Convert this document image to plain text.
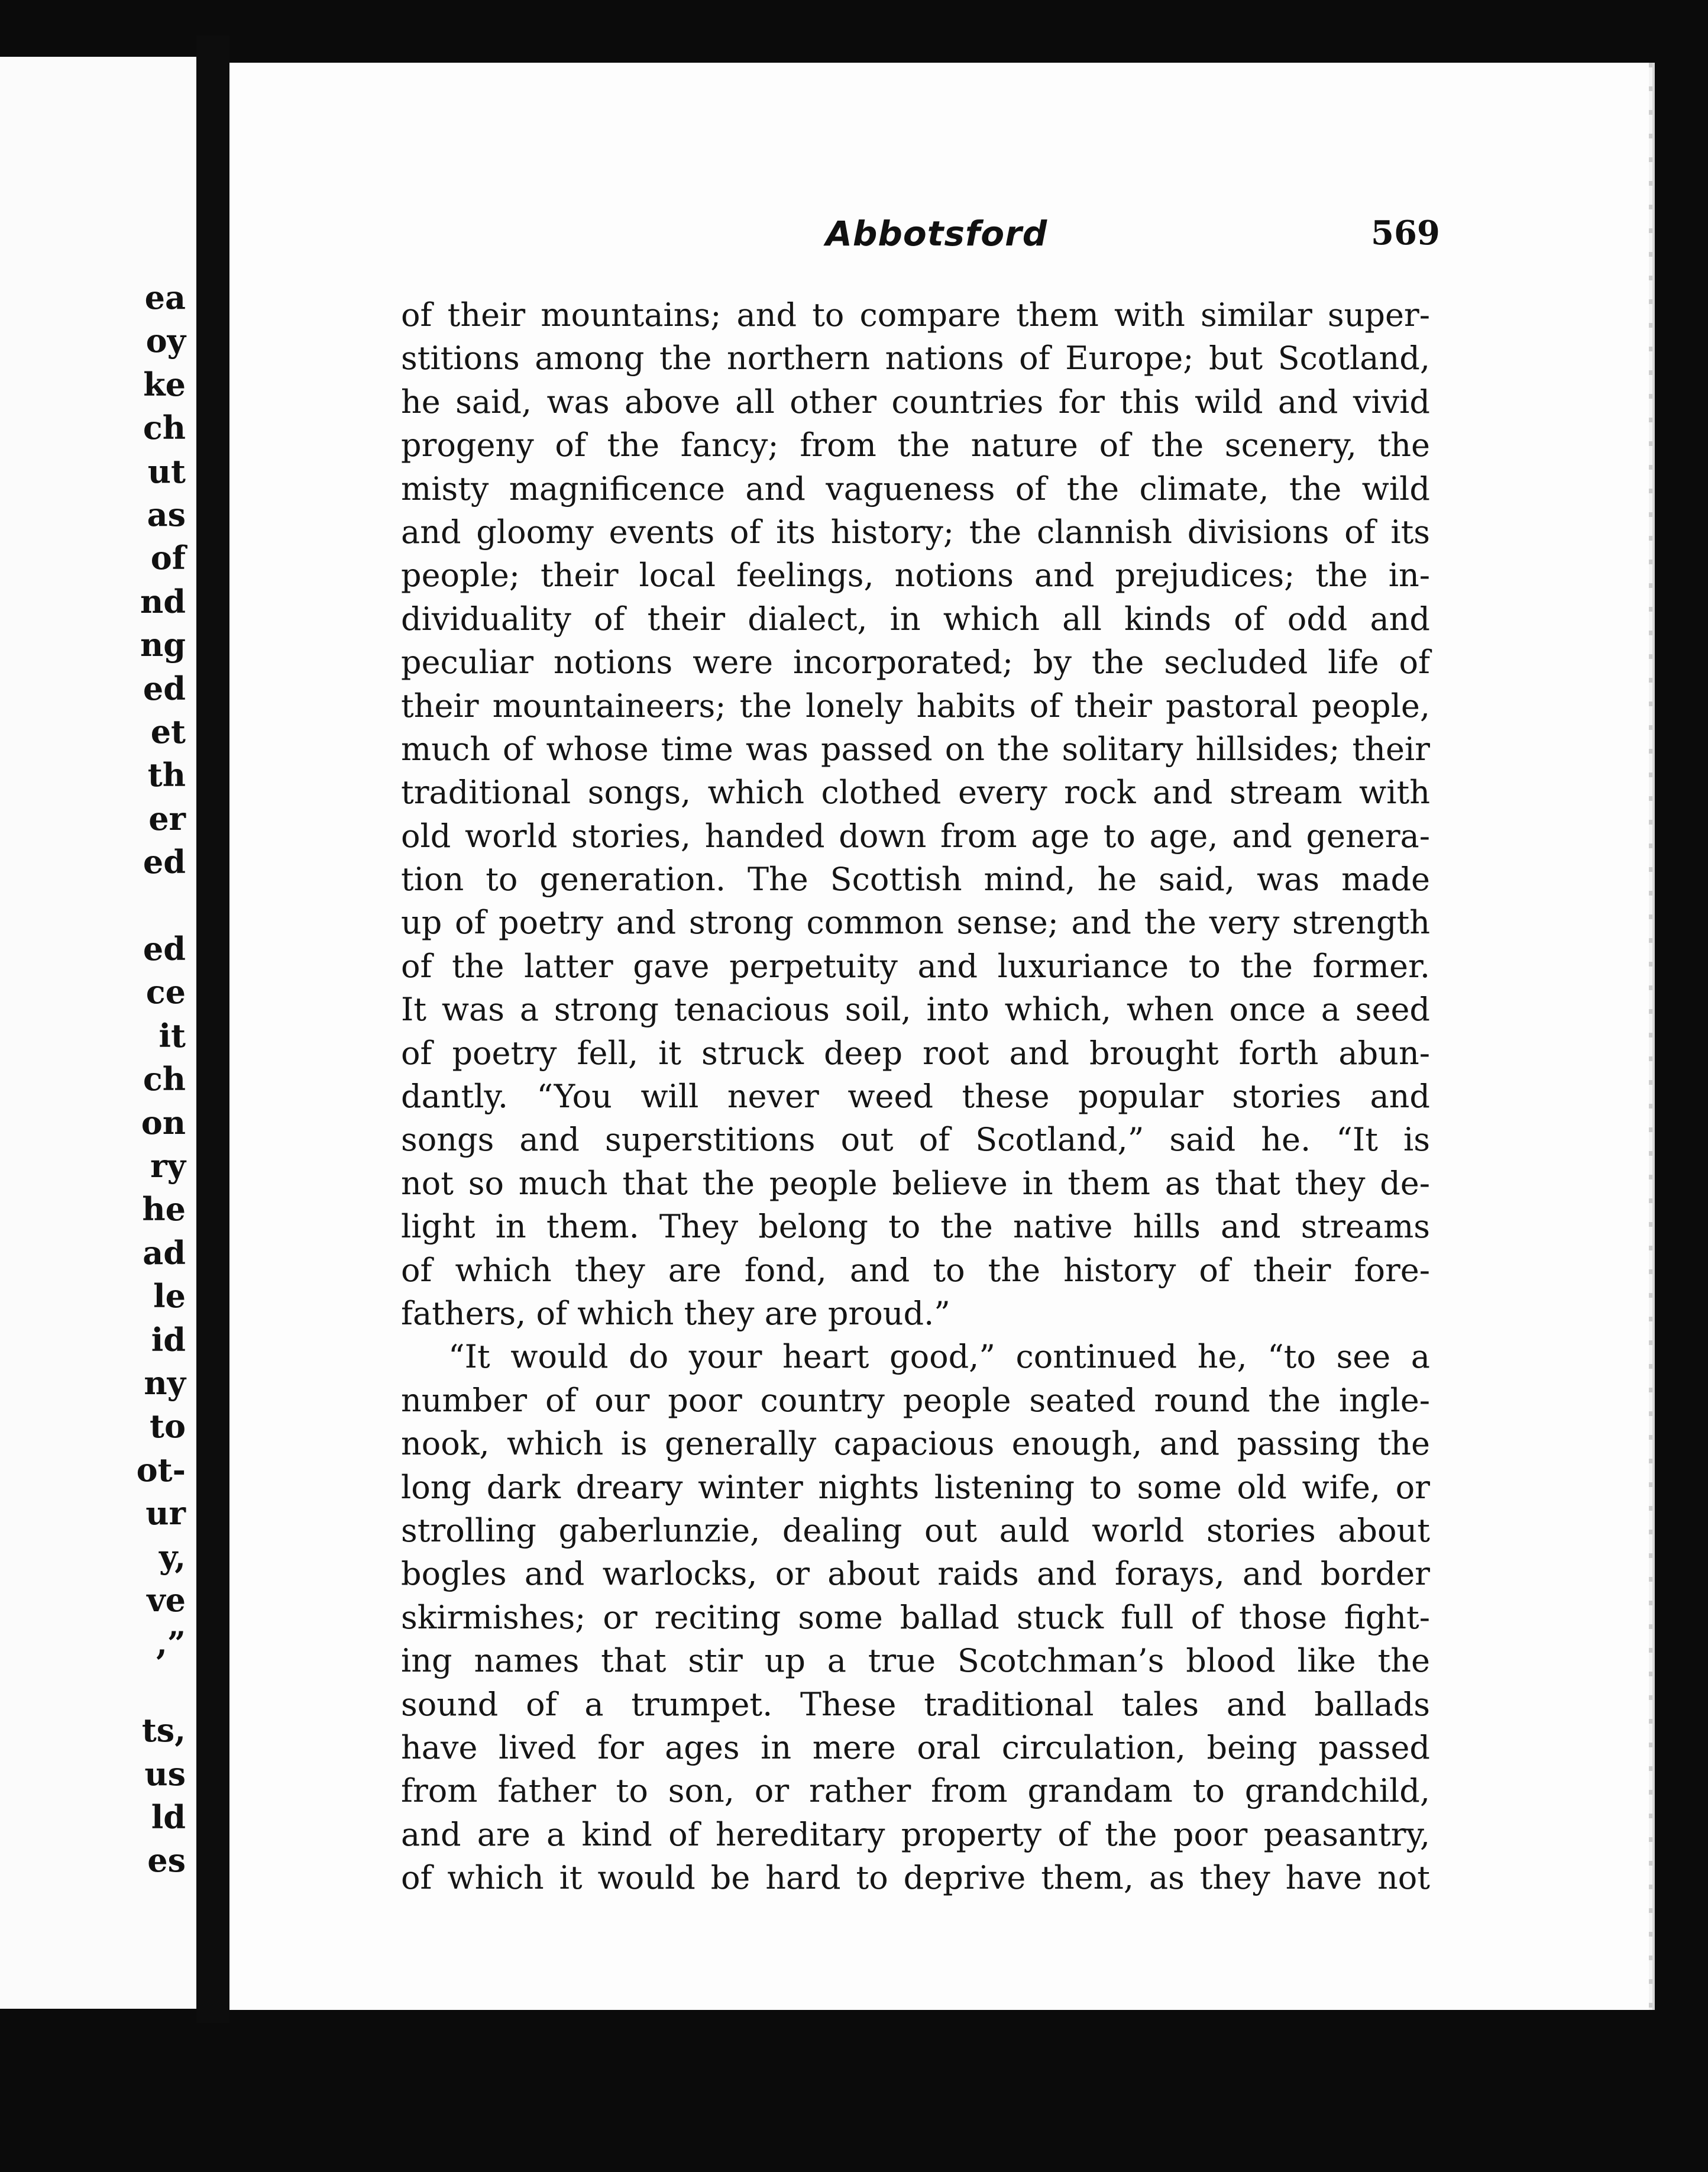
ea
oy
ke
ch
ut
as
of
nd
ng
ed
et
th
er
ed
ed
ce
it
ch
on
ry
he
ad
le
id
ny
to
ot-
ur
y,
ve
,”
ts,
us
ld
es
Abbotsford	569
of their mountains; and to compare them with similar super-
stitions among the northern nations of Europe; but Scotland,
he said, was above all other countries for this wild and vivid
progeny of the fancy; from the nature of the scenery, the
misty magnificence and vagueness of the climate, the wild
and gloomy events of its history; the clannish divisions of its
people; their local feelings, notions and prejudices; the in-
dividuality of their dialect, in which all kinds of odd and
peculiar notions were incorporated; by the secluded life of
their mountaineers; the lonely habits of their pastoral people,
much of whose time was passed on the solitary hillsides; their
traditional songs, which clothed every rock and stream with
old world stories, handed down from age to age, and genera-
tion to generation. The Scottish mind, he said, was made
up of poetry and strong common sense; and the very strength
of the latter gave perpetuity and luxuriance to the former.
It was a strong tenacious soil, into which, when once a seed
of poetry fell, it struck deep root and brought forth abun-
dantly. “You will never weed these popular stories and
songs and superstitions out of Scotland,” said he. “It is
not so much that the people believe in them as that they de-
light in them. They belong to the native hills and streams
of which they are fond, and to the history of their fore-
fathers, of which they are proud.”
“It would do your heart good,” continued he, “to see a
number of our poor country people seated round the ingle-
nook, which is generally capacious enough, and passing the
long dark dreary winter nights listening to some old wife, or
strolling gaberlunzie, dealing out auld world stories about
bogles and warlocks, or about raids and forays, and border
skirmishes; or reciting some ballad stuck full of those fight-
ing names that stir up a true Scotchman’s blood like the
sound of a trumpet. These traditional tales and ballads
have lived for ages in mere oral circulation, being passed
from father to son, or rather from grandam to grandchild,
and are a kind of hereditary property of the poor peasantry,
of which it would be hard to deprive them, as they have not
